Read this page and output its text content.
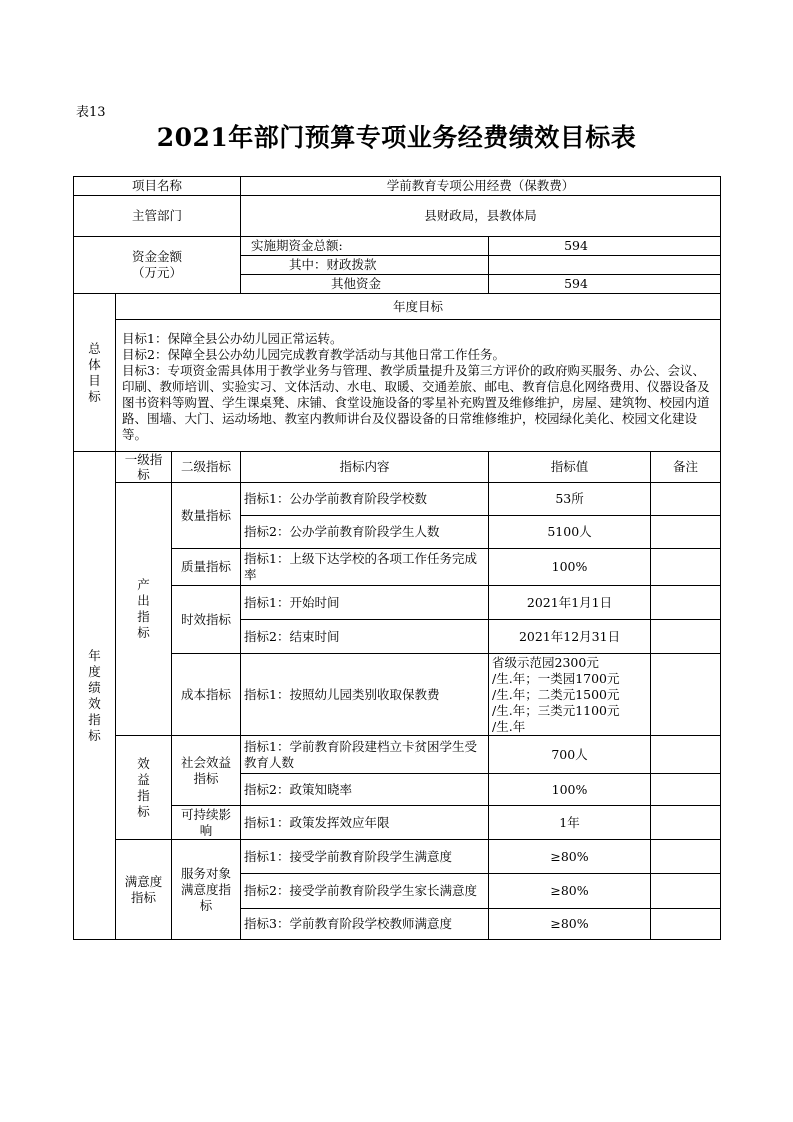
表13
2021年部门预算专项业务经费绩效目标表
项目名称			学前教育专项公用经费（保教费）		
主管部门			县财政局，县教体局		

资金金额
（万元）			实施期资金总额:	594	
			其中：财政拨款		
			其他资金	594	

总体目标	年度目标				

	目标1：保障全县公办幼儿园正常运转。
目标2：保障全县公办幼儿园完成教育教学活动与其他日常工作任务。
目标3：专项资金需具体用于教学业务与管理、教学质量提升及第三方评价的政府购买服务、办公、会议、印刷、教师培训、实验实习、文体活动、水电、取暖、交通差旅、邮电、教育信息化网络费用、仪器设备及图书资料等购置、学生课桌凳、床铺、食堂设施设备的零星补充购置及维修维护，房屋、建筑物、校园内道路、围墙、大门、运动场地、教室内教师讲台及仪器设备的日常维修维护，校园绿化美化、校园文化建设等。				

年度绩效指标	一级指标	二级指标	指标内容	指标值	备注

	产出指标	数量指标	指标1：公办学前教育阶段学校数	53所	
			指标2：公办学前教育阶段学生人数	5100人	
		质量指标	指标1：上级下达学校的各项工作任务完成率	100%	
		时效指标	指标1：开始时间	2021年1月1日	
			指标2：结束时间	2021年12月31日	
		成本指标	指标1：按照幼儿园类别收取保教费	省级示范园2300元
/生.年；一类园1700元
/生.年；二类元1500元
/生.年；三类元1100元
/生.年	

	效益指标	社会效益指标	指标1：学前教育阶段建档立卡贫困学生受教育人数	700人	
			指标2：政策知晓率	100%	
		可持续影响	指标1：政策发挥效应年限	1年	
	满意度指标	服务对象满意度指标	指标1：接受学前教育阶段学生满意度	≥80%	
			指标2：接受学前教育阶段学生家长满意度	≥80%	
			指标3：学前教育阶段学校教师满意度	≥80%	
